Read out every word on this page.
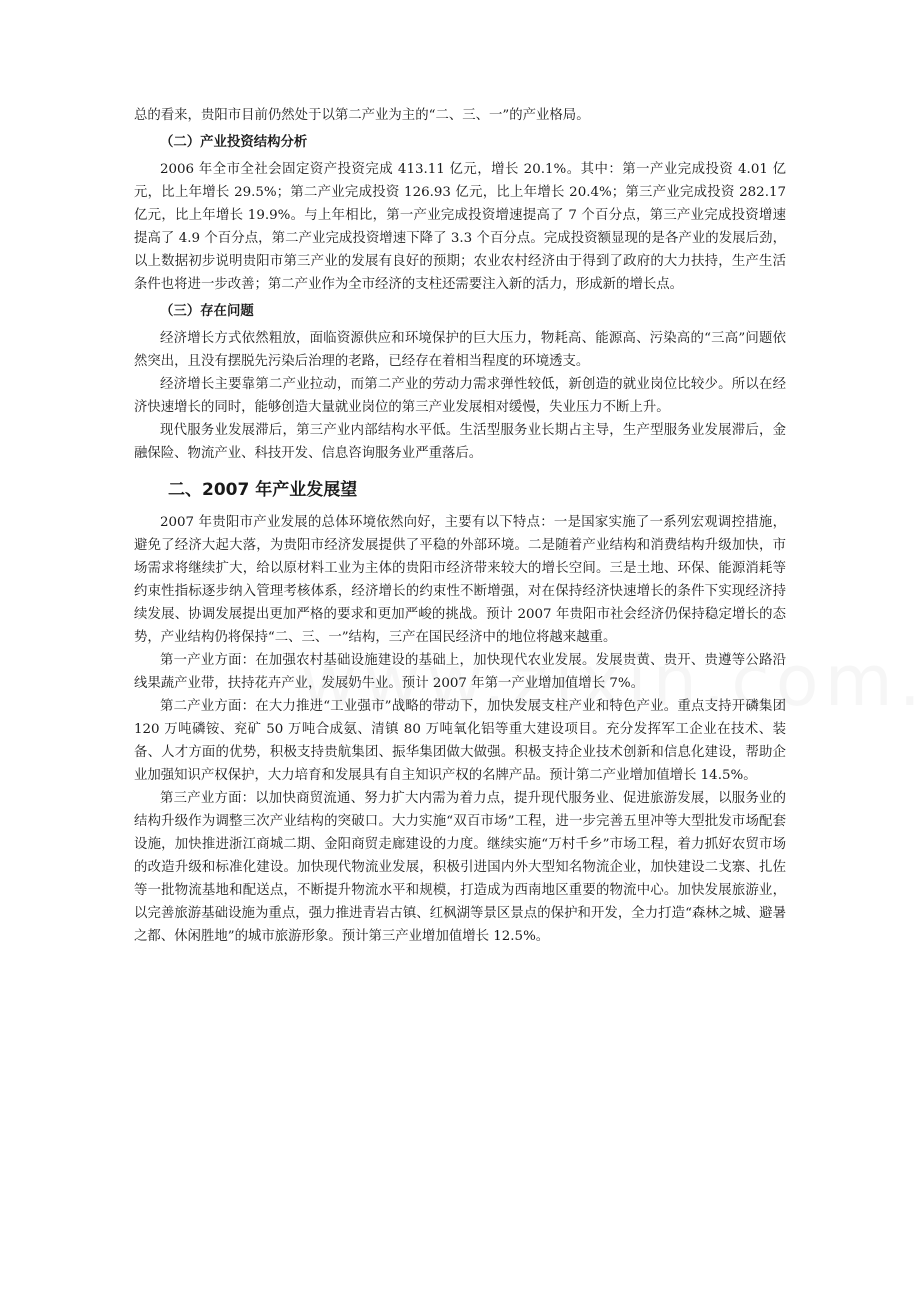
总的看来，贵阳市目前仍然处于以第二产业为主的“二、三、一”的产业格局。

（二）产业投资结构分析

2006 年全市全社会固定资产投资完成 413.11 亿元，增长 20.1%。其中：第一产业完成投资 4.01 亿元，比上年增长 29.5%；第二产业完成投资 126.93 亿元，比上年增长 20.4%；第三产业完成投资 282.17 亿元，比上年增长 19.9%。与上年相比，第一产业完成投资增速提高了 7 个百分点，第三产业完成投资增速提高了 4.9 个百分点，第二产业完成投资增速下降了 3.3 个百分点。完成投资额显现的是各产业的发展后劲，以上数据初步说明贵阳市第三产业的发展有良好的预期；农业农村经济由于得到了政府的大力扶持，生产生活条件也将进一步改善；第二产业作为全市经济的支柱还需要注入新的活力，形成新的增长点。

（三）存在问题

经济增长方式依然粗放，面临资源供应和环境保护的巨大压力，物耗高、能源高、污染高的“三高”问题依然突出，且没有摆脱先污染后治理的老路，已经存在着相当程度的环境透支。

经济增长主要靠第二产业拉动，而第二产业的劳动力需求弹性较低，新创造的就业岗位比较少。所以在经济快速增长的同时，能够创造大量就业岗位的第三产业发展相对缓慢，失业压力不断上升。

现代服务业发展滞后，第三产业内部结构水平低。生活型服务业长期占主导，生产型服务业发展滞后，金融保险、物流产业、科技开发、信息咨询服务业严重落后。

二、2007 年产业发展望

2007 年贵阳市产业发展的总体环境依然向好，主要有以下特点：一是国家实施了一系列宏观调控措施，避免了经济大起大落，为贵阳市经济发展提供了平稳的外部环境。二是随着产业结构和消费结构升级加快，市场需求将继续扩大，给以原材料工业为主体的贵阳市经济带来较大的增长空间。三是土地、环保、能源消耗等约束性指标逐步纳入管理考核体系，经济增长的约束性不断增强，对在保持经济快速增长的条件下实现经济持续发展、协调发展提出更加严格的要求和更加严峻的挑战。预计 2007 年贵阳市社会经济仍保持稳定增长的态势，产业结构仍将保持“二、三、一”结构，三产在国民经济中的地位将越来越重。

第一产业方面：在加强农村基础设施建设的基础上，加快现代农业发展。发展贵黄、贵开、贵遵等公路沿线果蔬产业带，扶持花卉产业，发展奶牛业。预计 2007 年第一产业增加值增长 7%。

第二产业方面：在大力推进“工业强市”战略的带动下，加快发展支柱产业和特色产业。重点支持开磷集团 120 万吨磷铵、兖矿 50 万吨合成氨、清镇 80 万吨氧化铝等重大建设项目。充分发挥军工企业在技术、装备、人才方面的优势，积极支持贵航集团、振华集团做大做强。积极支持企业技术创新和信息化建设，帮助企业加强知识产权保护，大力培育和发展具有自主知识产权的名牌产品。预计第二产业增加值增长 14.5%。

第三产业方面：以加快商贸流通、努力扩大内需为着力点，提升现代服务业、促进旅游发展，以服务业的结构升级作为调整三次产业结构的突破口。大力实施“双百市场”工程，进一步完善五里冲等大型批发市场配套设施，加快推进浙江商城二期、金阳商贸走廊建设的力度。继续实施“万村千乡”市场工程，着力抓好农贸市场的改造升级和标准化建设。加快现代物流业发展，积极引进国内外大型知名物流企业，加快建设二戈寨、扎佐等一批物流基地和配送点，不断提升物流水平和规模，打造成为西南地区重要的物流中心。加快发展旅游业，以完善旅游基础设施为重点，强力推进青岩古镇、红枫湖等景区景点的保护和开发，全力打造“森林之城、避暑之都、休闲胜地”的城市旅游形象。预计第三产业增加值增长 12.5%。
